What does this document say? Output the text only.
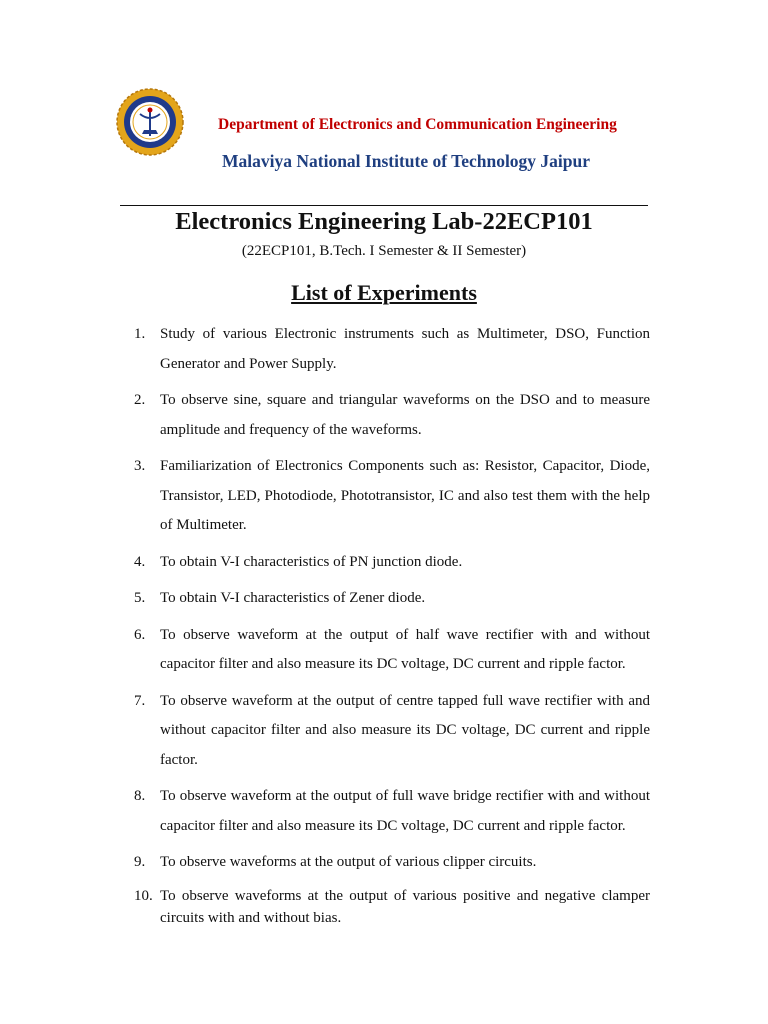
Department of Electronics and Communication Engineering
Malaviya National Institute of Technology Jaipur
Electronics Engineering Lab-22ECP101
(22ECP101, B.Tech. I Semester & II Semester)
List of Experiments
1. Study of various Electronic instruments such as Multimeter, DSO, Function Generator and Power Supply.
2. To observe sine, square and triangular waveforms on the DSO and to measure amplitude and frequency of the waveforms.
3. Familiarization of Electronics Components such as: Resistor, Capacitor, Diode, Transistor, LED, Photodiode, Phototransistor, IC and also test them with the help of Multimeter.
4. To obtain V-I characteristics of PN junction diode.
5. To obtain V-I characteristics of Zener diode.
6. To observe waveform at the output of half wave rectifier with and without capacitor filter and also measure its DC voltage, DC current and ripple factor.
7. To observe waveform at the output of centre tapped full wave rectifier with and without capacitor filter and also measure its DC voltage, DC current and ripple factor.
8. To observe waveform at the output of full wave bridge rectifier with and without capacitor filter and also measure its DC voltage, DC current and ripple factor.
9. To observe waveforms at the output of various clipper circuits.
10. To observe waveforms at the output of various positive and negative clamper circuits with and without bias.
